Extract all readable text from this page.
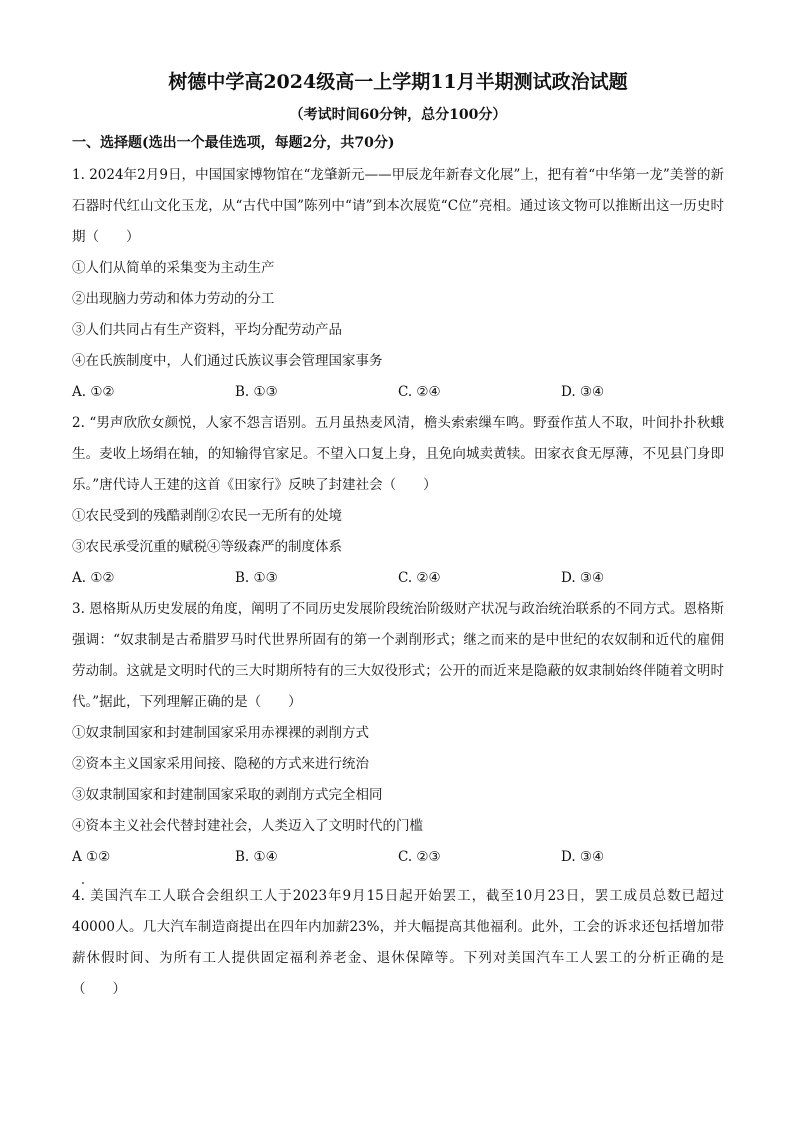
树德中学高2024级高一上学期11月半期测试政治试题
（考试时间60分钟，总分100分）
一、选择题(选出一个最佳选项，每题2分，共70分)

1. 2024年2月9日，中国国家博物馆在“龙肇新元——甲辰龙年新春文化展”上，把有着“中华第一龙”美誉的新石器时代红山文化玉龙，从“古代中国”陈列中“请”到本次展览“C位”亮相。通过该文物可以推断出这一历史时期（　　）

①人们从简单的采集变为主动生产

②出现脑力劳动和体力劳动的分工

③人们共同占有生产资料，平均分配劳动产品

④在氏族制度中，人们通过氏族议事会管理国家事务

A. ①②	B. ①③	C. ②④	D. ③④

2. “男声欣欣女颜悦，人家不怨言语别。五月虽热麦风清，檐头索索缫车鸣。野蚕作茧人不取，叶间扑扑秋蛾生。麦收上场绢在轴，的知输得官家足。不望入口复上身，且免向城卖黄犊。田家衣食无厚薄，不见县门身即乐。”唐代诗人王建的这首《田家行》反映了封建社会（　　）

①农民受到的残酷剥削②农民一无所有的处境

③农民承受沉重的赋税④等级森严的制度体系

A. ①②	B. ①③	C. ②④	D. ③④

3. 恩格斯从历史发展的角度，阐明了不同历史发展阶段统治阶级财产状况与政治统治联系的不同方式。恩格斯强调：“奴隶制是古希腊罗马时代世界所固有的第一个剥削形式；继之而来的是中世纪的农奴制和近代的雇佣劳动制。这就是文明时代的三大时期所特有的三大奴役形式；公开的而近来是隐蔽的奴隶制始终伴随着文明时代。”据此，下列理解正确的是（　　）

①奴隶制国家和封建制国家采用赤裸裸的剥削方式

②资本主义国家采用间接、隐秘的方式来进行统治

③奴隶制国家和封建制国家采取的剥削方式完全相同

④资本主义社会代替封建社会，人类迈入了文明时代的门槛

A ①②	B. ①④	C. ②③	D. ③④

4. 美国汽车工人联合会组织工人于2023年9月15日起开始罢工，截至10月23日，罢工成员总数已超过40000人。几大汽车制造商提出在四年内加薪23%，并大幅提高其他福利。此外，工会的诉求还包括增加带薪休假时间、为所有工人提供固定福利养老金、退休保障等。下列对美国汽车工人罢工的分析正确的是（　　）
